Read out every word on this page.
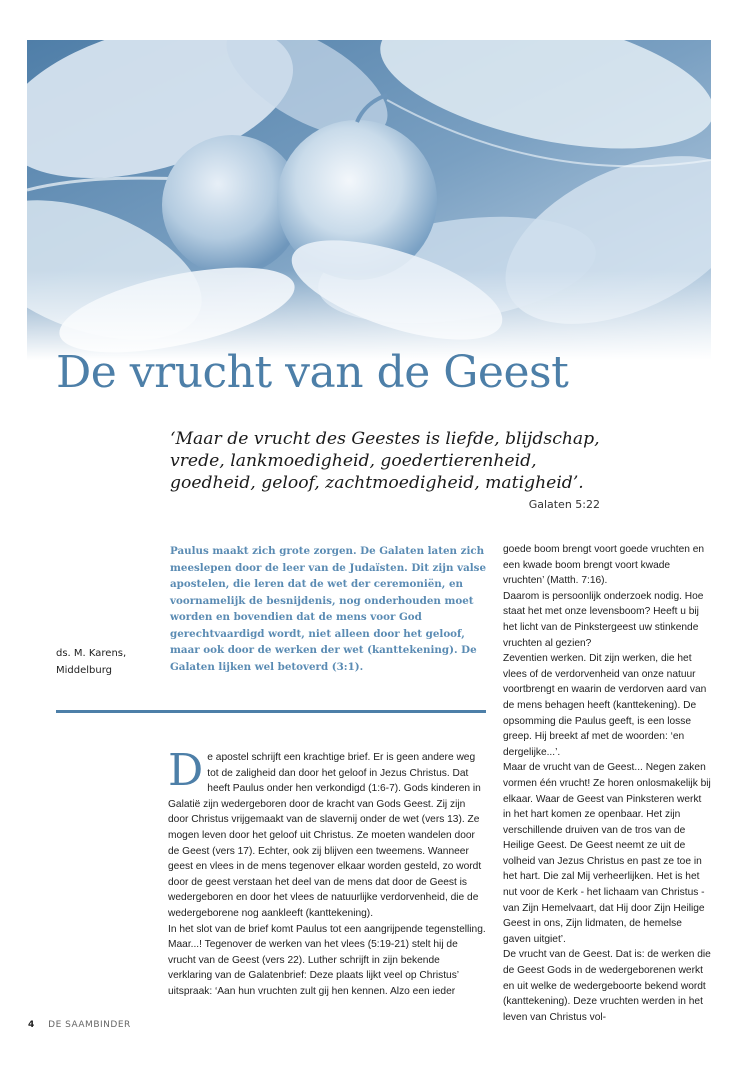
De vrucht van de Geest

‘Maar de vrucht des Geestes is liefde, blijdschap, vrede, lankmoedigheid, goedertierenheid, goedheid, geloof, zachtmoedigheid, matigheid’.

Galaten 5:22

Paulus maakt zich grote zorgen. De Galaten laten zich meeslepen door de leer van de Judaïsten. Dit zijn valse apostelen, die leren dat de wet der ceremoniën, en voornamelijk de besnijdenis, nog onderhouden moet worden en bovendien dat de mens voor God gerechtvaardigd wordt, niet alleen door het geloof, maar ook door de werken der wet (kanttekening). De Galaten lijken wel betoverd (3:1).

ds. M. Karens,
Middelburg

De apostel schrijft een krachtige brief. Er is geen andere weg tot de zaligheid dan door het geloof in Jezus Christus. Dat heeft Paulus onder hen verkondigd (1:6-7). Gods kinderen in Galatië zijn wedergeboren door de kracht van Gods Geest. Zij zijn door Christus vrijgemaakt van de slavernij onder de wet (vers 13). Ze mogen leven door het geloof uit Christus. Ze moeten wandelen door de Geest (vers 17). Echter, ook zij blijven een tweemens. Wanneer geest en vlees in de mens tegenover elkaar worden gesteld, zo wordt door de geest verstaan het deel van de mens dat door de Geest is wedergeboren en door het vlees de natuurlijke verdorvenheid, die de wedergeborene nog aankleeft (kanttekening).

In het slot van de brief komt Paulus tot een aangrijpende tegenstelling. Maar...! Tegenover de werken van het vlees (5:19-21) stelt hij de vrucht van de Geest (vers 22). Luther schrijft in zijn bekende verklaring van de Galatenbrief: Deze plaats lijkt veel op Christus’ uitspraak: ‘Aan hun vruchten zult gij hen kennen. Alzo een ieder

goede boom brengt voort goede vruchten en een kwade boom brengt voort kwade vruchten’ (Matth. 7:16).

Daarom is persoonlijk onderzoek nodig. Hoe staat het met onze levensboom? Heeft u bij het licht van de Pinkstergeest uw stinkende vruchten al gezien?

Zeventien werken. Dit zijn werken, die het vlees of de verdorvenheid van onze natuur voortbrengt en waarin de verdorven aard van de mens behagen heeft (kanttekening). De opsomming die Paulus geeft, is een losse greep. Hij breekt af met de woorden: ‘en dergelijke...’.

Maar de vrucht van de Geest... Negen zaken vormen één vrucht! Ze horen onlosmakelijk bij elkaar. Waar de Geest van Pinksteren werkt in het hart komen ze openbaar. Het zijn verschillende druiven van de tros van de Heilige Geest. De Geest neemt ze uit de volheid van Jezus Christus en past ze toe in het hart. Die zal Mij verheerlijken. Het is het nut voor de Kerk - het lichaam van Christus - van Zijn Hemelvaart, dat Hij door Zijn Heilige Geest in ons, Zijn lidmaten, de hemelse gaven uitgiet’.

De vrucht van de Geest. Dat is: de werken die de Geest Gods in de wedergeborenen werkt en uit welke de wedergeboorte bekend wordt (kanttekening). Deze vruchten werden in het leven van Christus vol-

4 DE SAAMBINDER
